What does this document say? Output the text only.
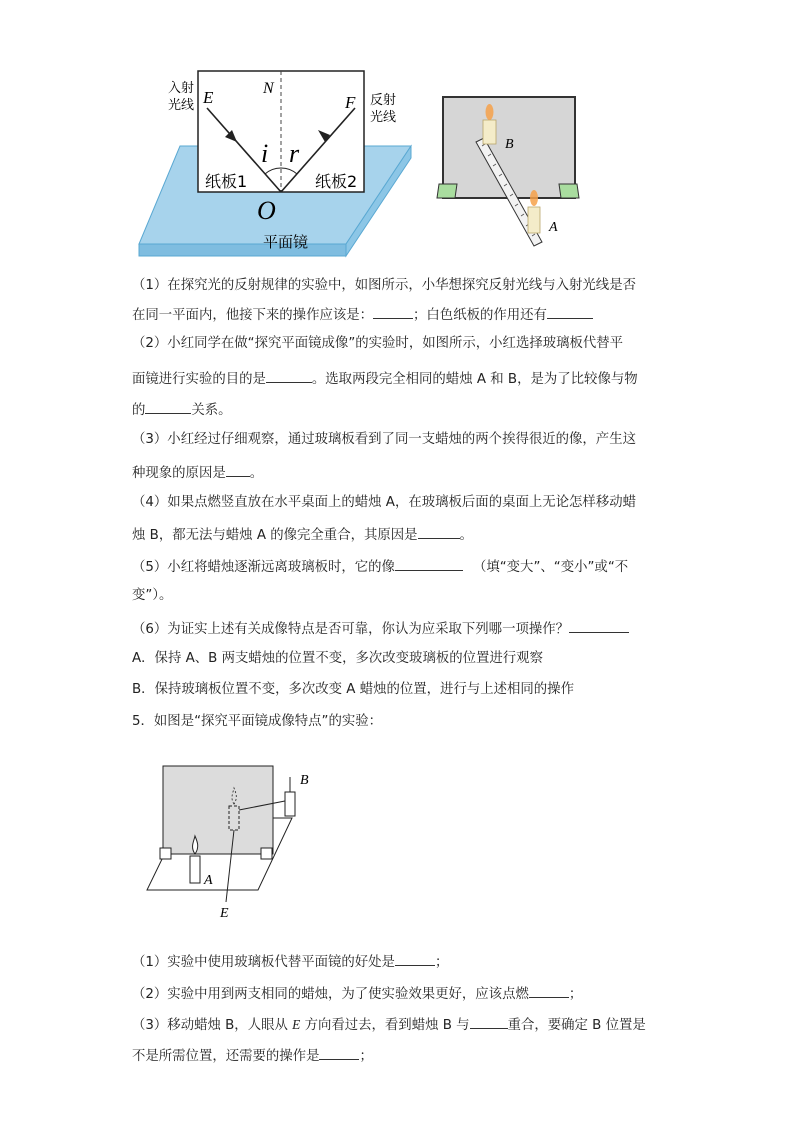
入射
光线 E	N
F 反射
光线
i r
纸板1	纸板2
O
平面镜
B
A
（1）在探究光的反射规律的实验中，如图所示，小华想探究反射光线与入射光线是否
在同一平面内，他接下来的操作应该是：	；白色纸板的作用还有
（2）小红同学在做“探究平面镜成像”的实验时，如图所示，小红选择玻璃板代替平
面镜进行实验的目的是	。选取两段完全相同的蜡烛 A 和 B，是为了比较像与物
的	关系。
（3）小红经过仔细观察，通过玻璃板看到了同一支蜡烛的两个挨得很近的像，产生这
种现象的原因是 。
（4）如果点燃竖直放在水平桌面上的蜡烛 A，在玻璃板后面的桌面上无论怎样移动蜡
烛 B，都无法与蜡烛 A 的像完全重合，其原因是	。
（5）小红将蜡烛逐渐远离玻璃板时，它的像	（填“变大”、“变小”或“不
变”）。
（6）为证实上述有关成像特点是否可靠，你认为应采取下列哪一项操作？
A．保持 A、B 两支蜡烛的位置不变，多次改变玻璃板的位置进行观察
B．保持玻璃板位置不变，多次改变 A 蜡烛的位置，进行与上述相同的操作
5．如图是“探究平面镜成像特点”的实验：
B
A
E
（1）实验中使用玻璃板代替平面镜的好处是	；
（2）实验中用到两支相同的蜡烛，为了使实验效果更好，应该点燃	；
（3）移动蜡烛 B，人眼从 E 方向看过去，看到蜡烛 B 与	重合，要确定 B 位置是
不是所需位置，还需要的操作是	；
